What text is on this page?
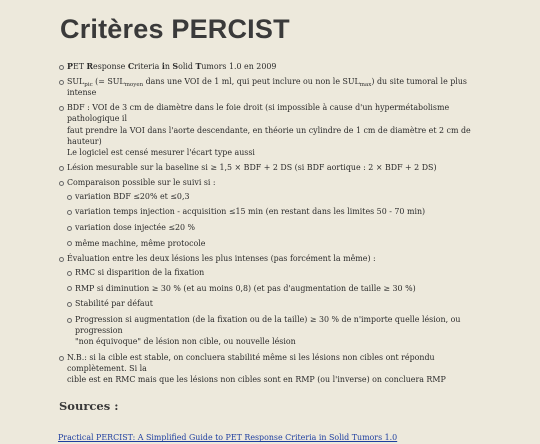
Critères PERCIST
PET Response Criteria in Solid Tumors 1.0 en 2009
$SUL_{pic}$ (= $SUL_{moyen}$ dans une VOI de 1 ml, qui peut inclure ou non le $SUL_{max}$) du site tumoral le plus intense
BDF : VOI de 3 cm de diamètre dans le foie droit (si impossible à cause d'un hypermétabolisme pathologique il
faut prendre la VOI dans l'aorte descendante, en théorie un cylindre de 1 cm de diamètre et 2 cm de hauteur)
Le logiciel est censé mesurer l'écart type aussi
Lésion mesurable sur la baseline si ≥ 1,5 × BDF + 2 DS (si BDF aortique : 2 × BDF + 2 DS)
Comparaison possible sur le suivi si :
variation BDF ≤20% et ≤0,3
variation temps injection - acquisition ≤15 min (en restant dans les limites 50 - 70 min)
variation dose injectée ≤20 %
même machine, même protocole
Évaluation entre les deux lésions les plus intenses (pas forcément la même) :
RMC si disparition de la fixation
RMP si diminution ≥ 30 % (et au moins 0,8) (et pas d'augmentation de taille ≥ 30 %)
Stabilité par défaut
Progression si augmentation (de la fixation ou de la taille) ≥ 30 % de n'importe quelle lésion, ou progression
"non équivoque" de lésion non cible, ou nouvelle lésion
N.B.: si la cible est stable, on concluera stabilité même si les lésions non cibles ont répondu complètement. Si la
cible est en RMC mais que les lésions non cibles sont en RMP (ou l'inverse) on concluera RMP
Sources :
Practical PERCIST: A Simplified Guide to PET Response Criteria in Solid Tumors 1.0
